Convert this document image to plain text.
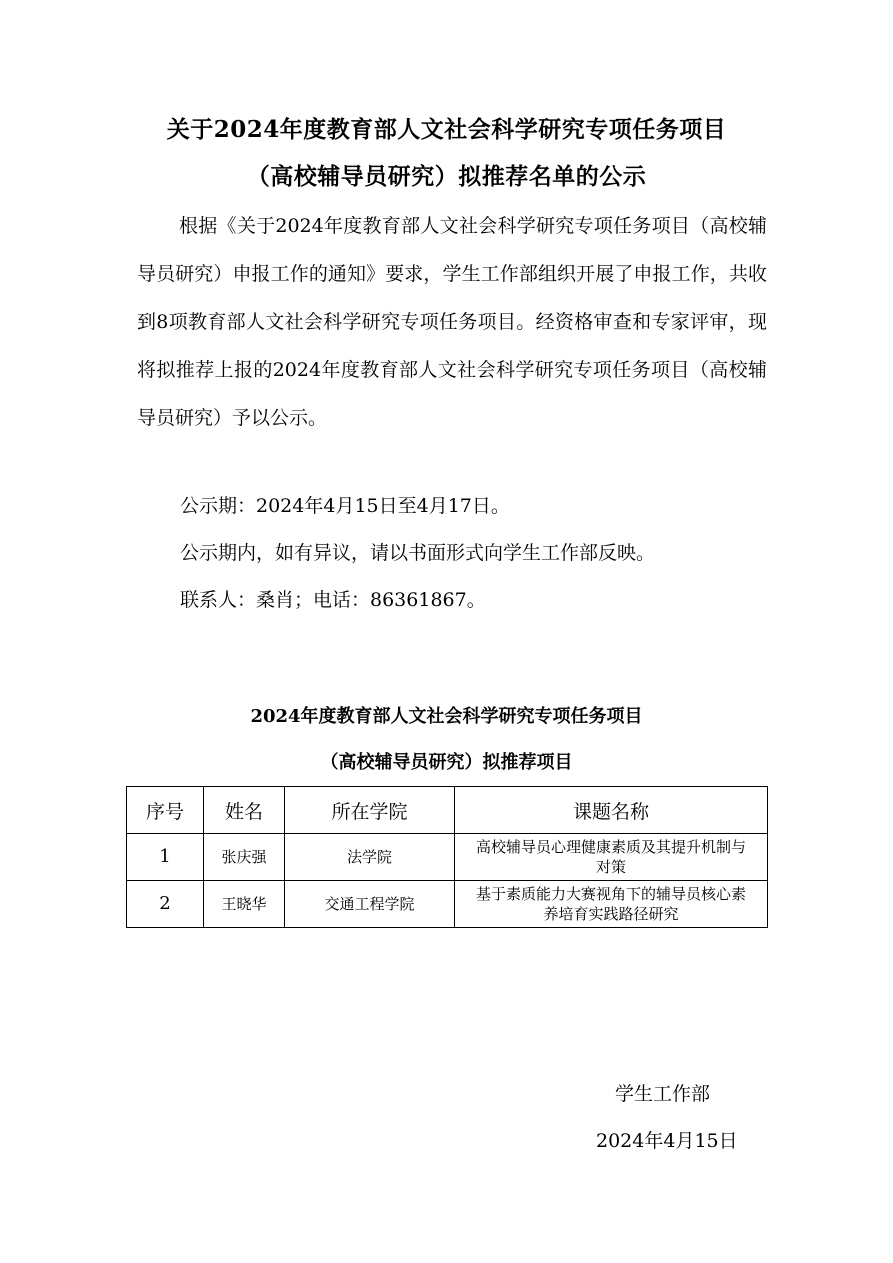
关于2024年度教育部人文社会科学研究专项任务项目
（高校辅导员研究）拟推荐名单的公示

根据《关于2024年度教育部人文社会科学研究专项任务项目（高校辅导员研究）申报工作的通知》要求，学生工作部组织开展了申报工作，共收到8项教育部人文社会科学研究专项任务项目。经资格审查和专家评审，现将拟推荐上报的2024年度教育部人文社会科学研究专项任务项目（高校辅导员研究）予以公示。

公示期：2024年4月15日至4月17日。
公示期内，如有异议，请以书面形式向学生工作部反映。
联系人：桑肖；电话：86361867。
2024年度教育部人文社会科学研究专项任务项目
（高校辅导员研究）拟推荐项目
序号	姓名	所在学院	课题名称
1	张庆强	法学院	高校辅导员心理健康素质及其提升机制与对策
2	王晓华	交通工程学院	基于素质能力大赛视角下的辅导员核心素养培育实践路径研究
学生工作部
2024年4月15日
